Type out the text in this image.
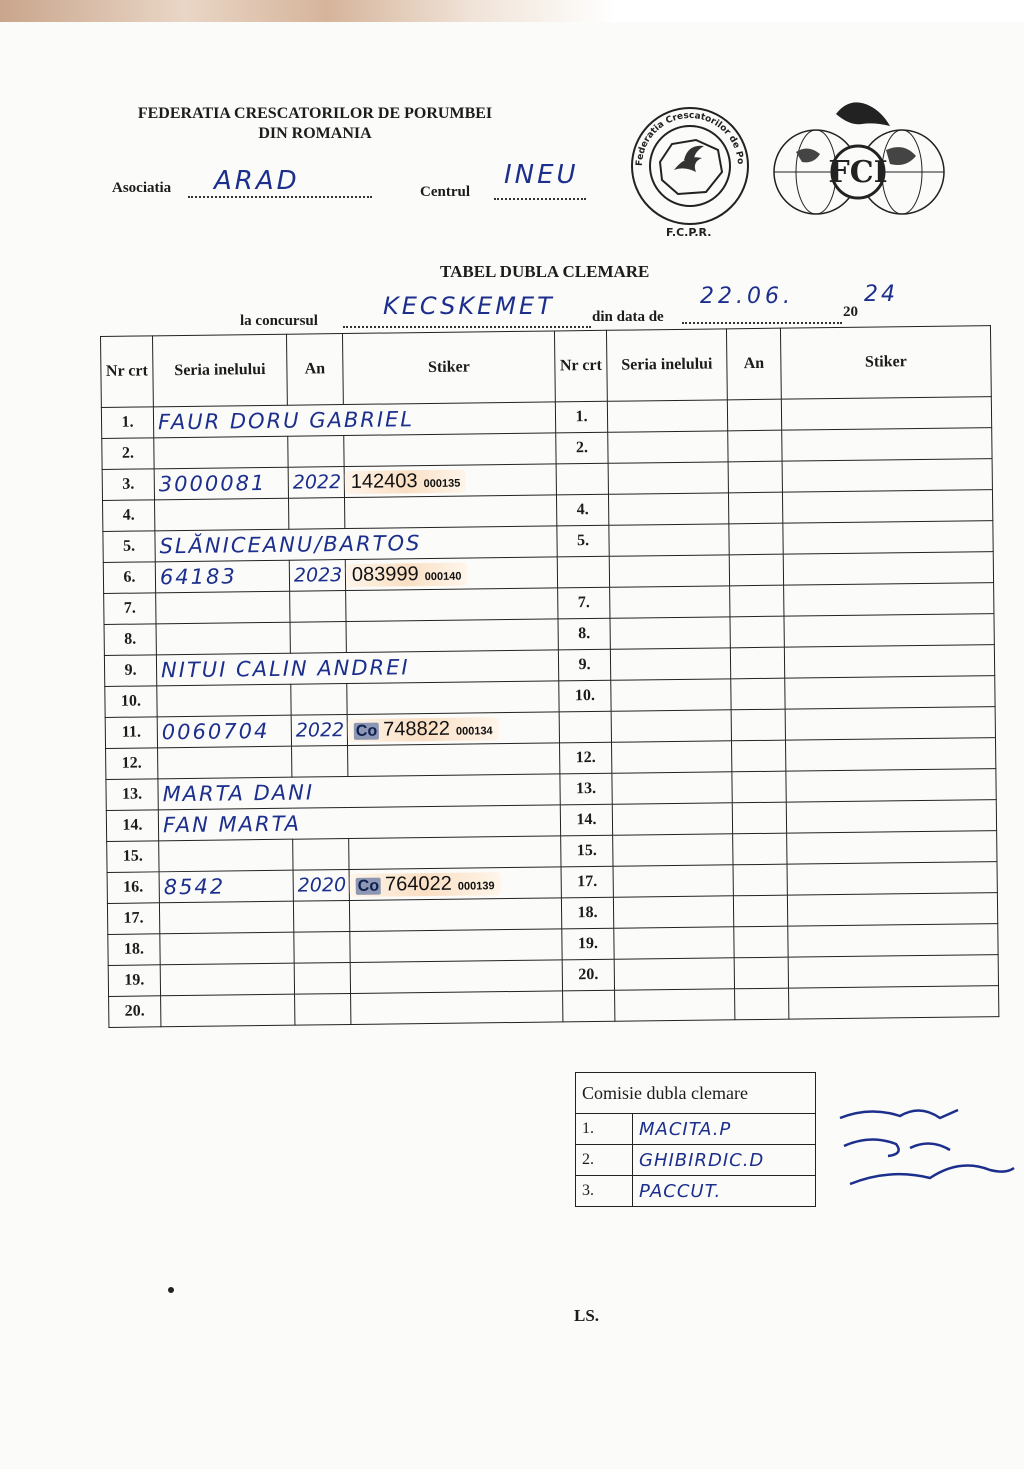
FEDERATIA CRESCATORILOR DE PORUMBEI
DIN ROMANIA
Asociatia ARAD	Centrul
INEU	Federatia Crescatorilor de Po
F.C.P.R.
FCI
TABEL DUBLA CLEMARE
la concursul
KECSKEMET din data de
22.06.
20
24
Nr crt	Seria inelului	An	Stiker	Nr crt	Seria inelului	An	Stiker
1.	FAUR DORU GABRIEL			1.			
2.				2.			
3.	3000081	2022	142403 000135				
4.				4.			
5.	SLĂNICEANU/BARTOS			5.			
6.	64183	2023	083999 000140				
7.				7.			
8.				8.			
9.	NITUI CALIN ANDREI			9.			
10.				10.			
11.	0060704	2022	Co 748822 000134				
12.				12.			
13.	MARTA DANI			13.			
14.	FAN MARTA			14.			
15.				15.			
16.	8542	2020	Co 764022 000139	17.			
17.				18.			
18.				19.			
19.				20.			
20.							
Comisie dubla clemare	
1.	MACITA.P
2.	GHIBIRDIC.D
3.	PACCUT.
LS.
